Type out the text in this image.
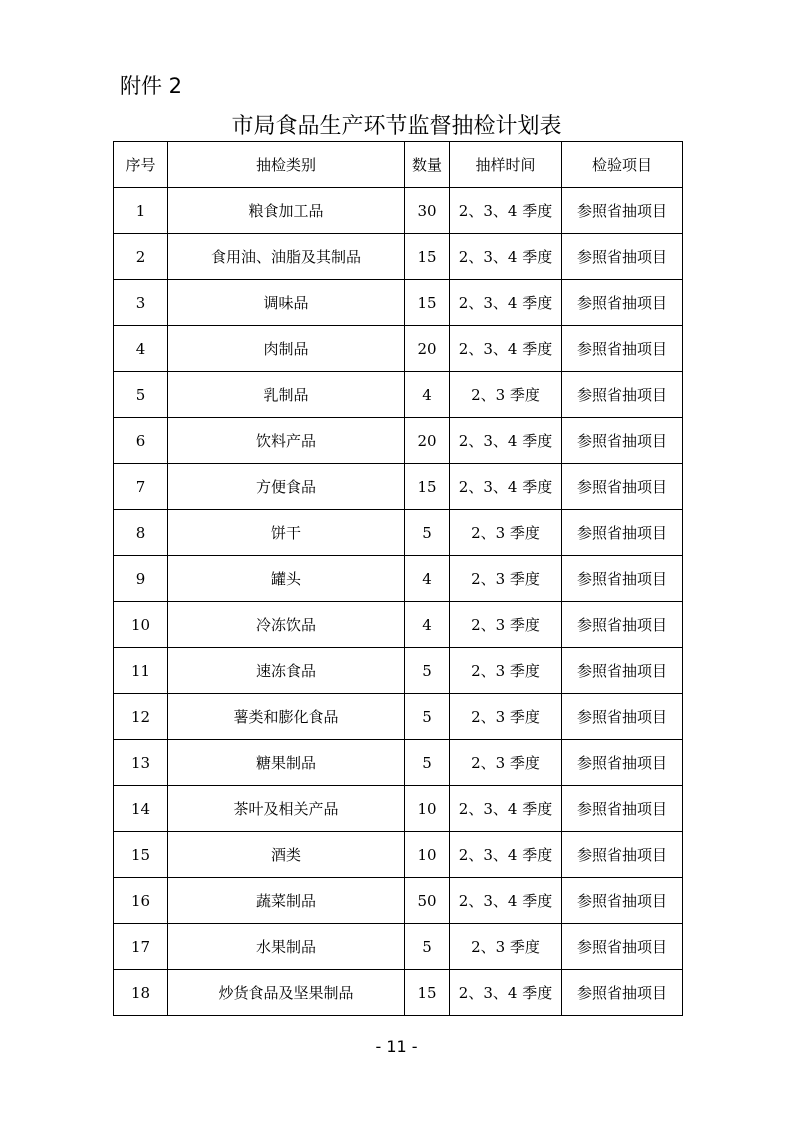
附件 2
市局食品生产环节监督抽检计划表
序号	抽检类别	数量	抽样时间	检验项目
1	粮食加工品	30	2、3、4 季度	参照省抽项目
2	食用油、油脂及其制品	15	2、3、4 季度	参照省抽项目
3	调味品	15	2、3、4 季度	参照省抽项目
4	肉制品	20	2、3、4 季度	参照省抽项目
5	乳制品	4	2、3 季度	参照省抽项目
6	饮料产品	20	2、3、4 季度	参照省抽项目
7	方便食品	15	2、3、4 季度	参照省抽项目
8	饼干	5	2、3 季度	参照省抽项目
9	罐头	4	2、3 季度	参照省抽项目
10	冷冻饮品	4	2、3 季度	参照省抽项目
11	速冻食品	5	2、3 季度	参照省抽项目
12	薯类和膨化食品	5	2、3 季度	参照省抽项目
13	糖果制品	5	2、3 季度	参照省抽项目
14	茶叶及相关产品	10	2、3、4 季度	参照省抽项目
15	酒类	10	2、3、4 季度	参照省抽项目
16	蔬菜制品	50	2、3、4 季度	参照省抽项目
17	水果制品	5	2、3 季度	参照省抽项目
18	炒货食品及坚果制品	15	2、3、4 季度	参照省抽项目
- 11 -
